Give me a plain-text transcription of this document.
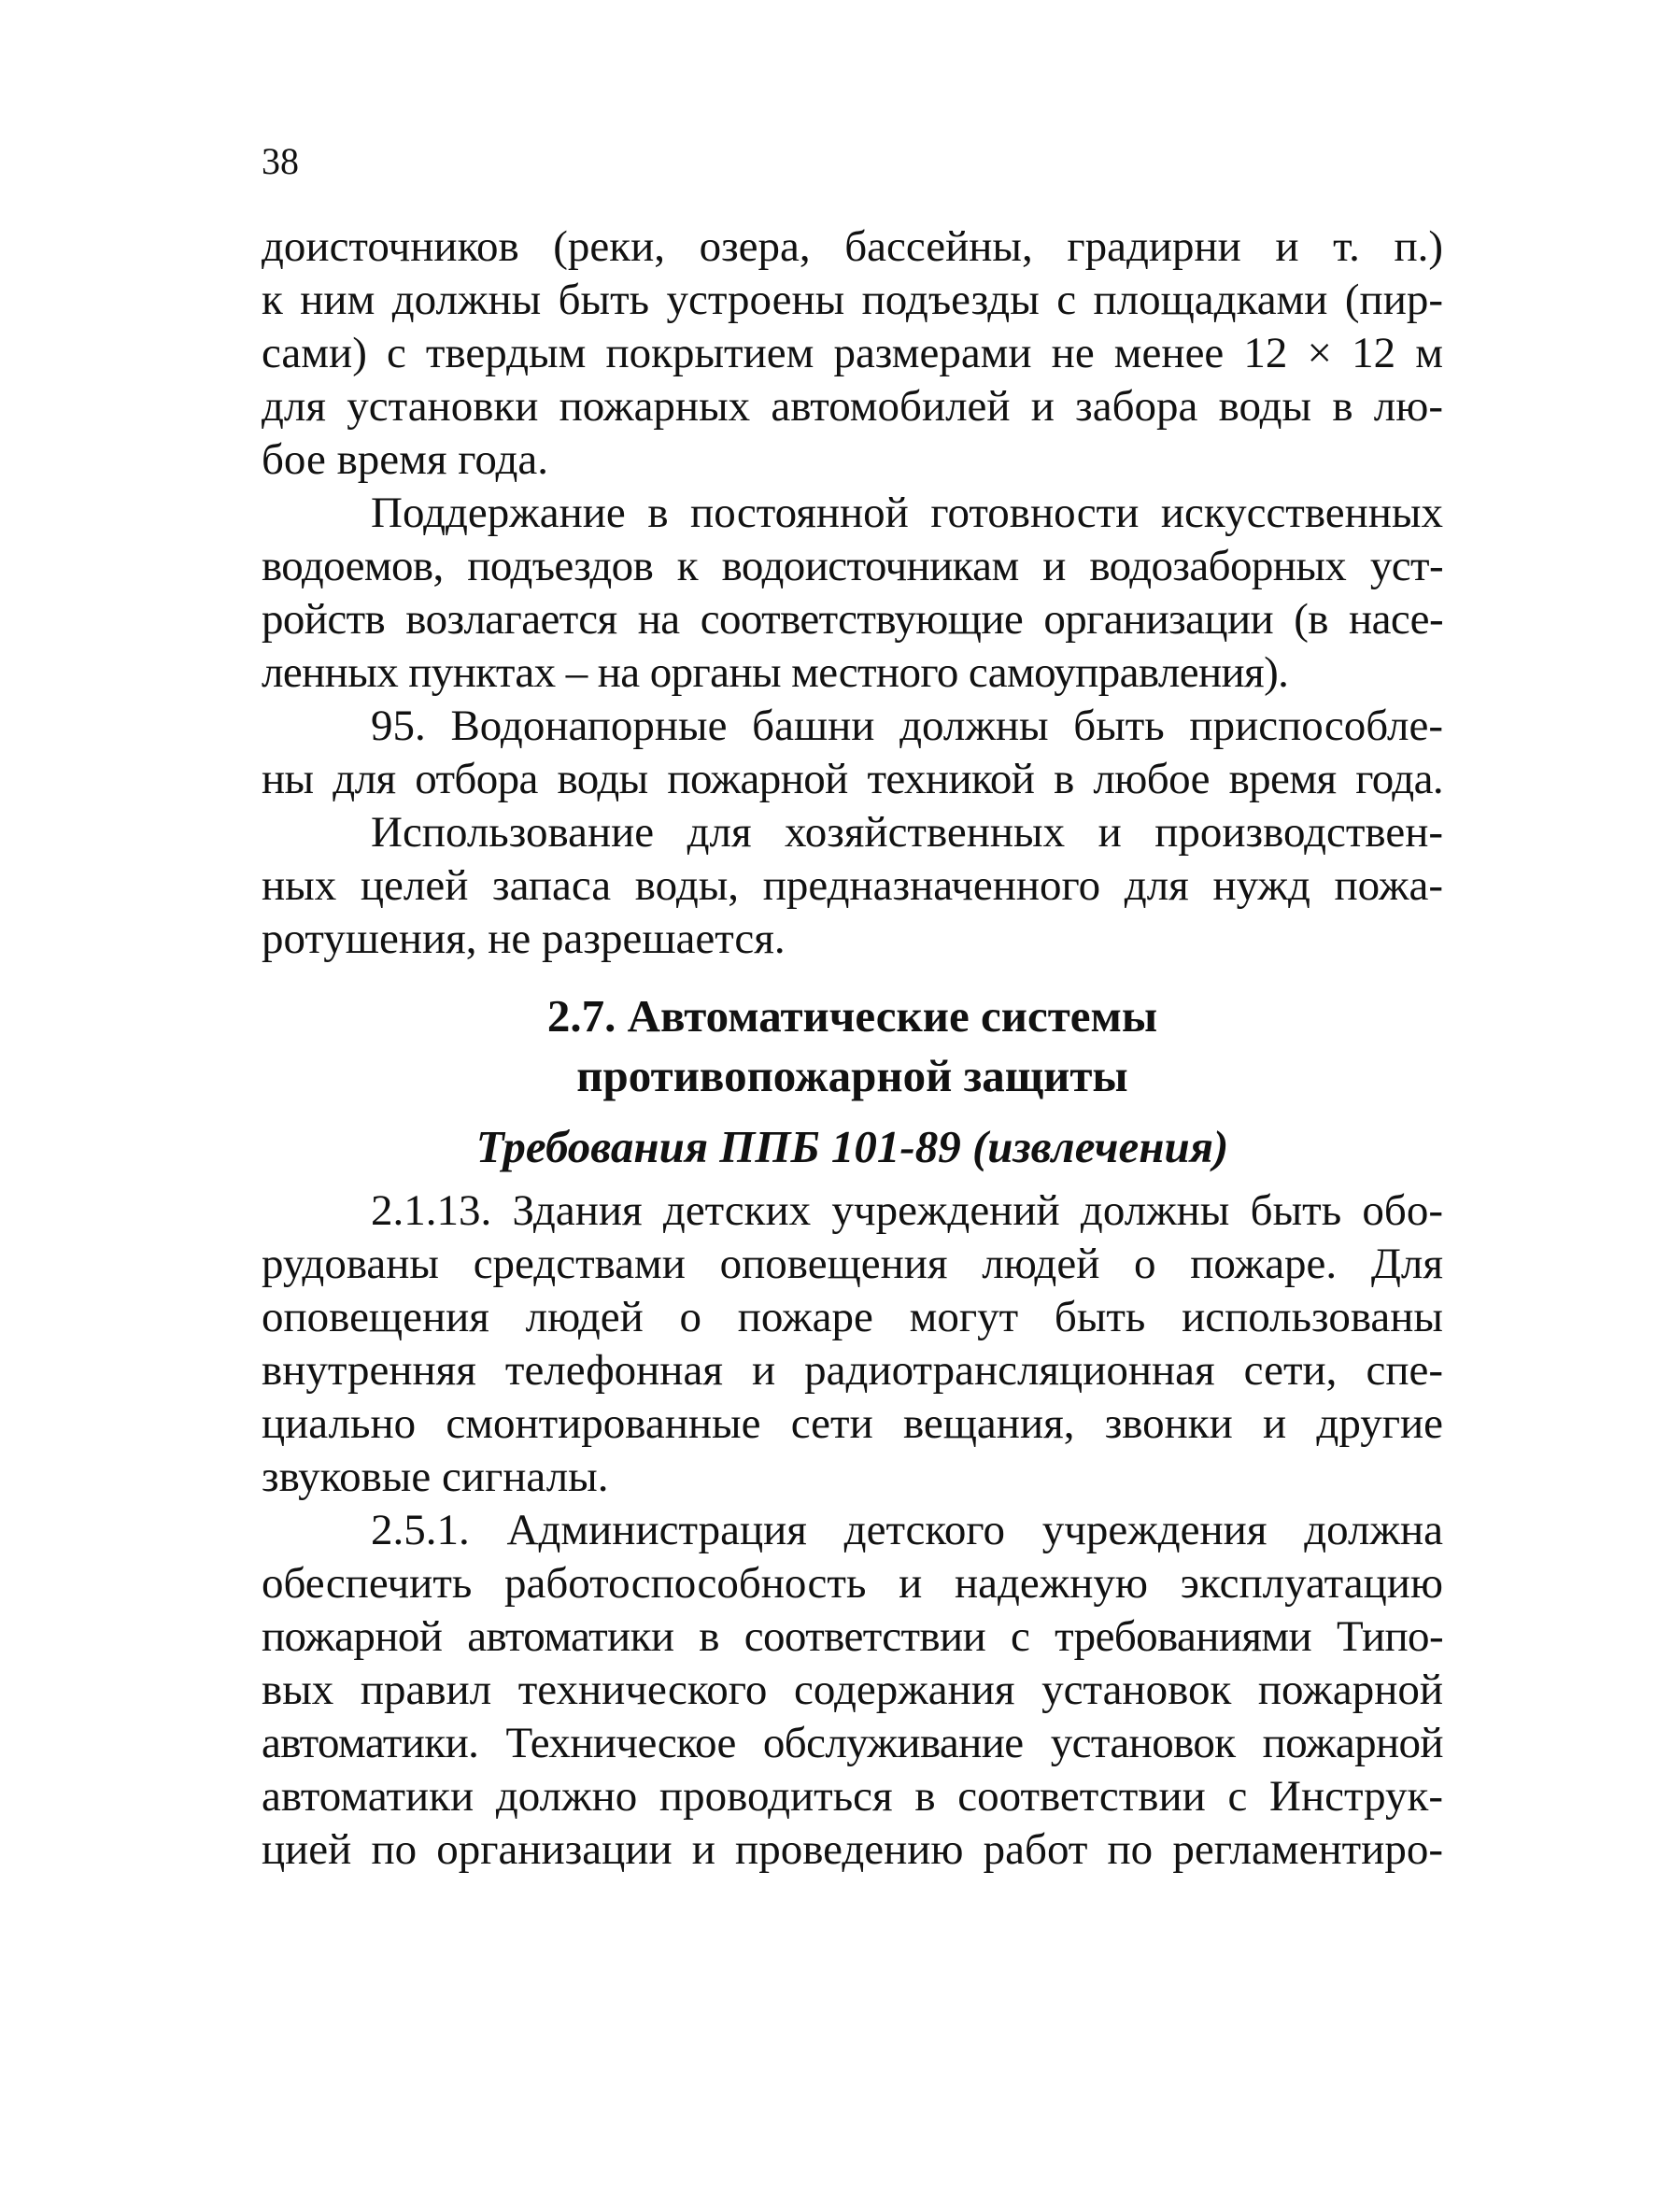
38
доисточников (реки, озера, бассейны, градирни и т. п.)
к ним должны быть устроены подъезды с площадками (пир-
сами) с твердым покрытием размерами не менее 12 × 12 м
для установки пожарных автомобилей и забора воды в лю-
бое время года.
Поддержание в постоянной готовности искусственных
водоемов, подъездов к водоисточникам и водозаборных уст-
ройств возлагается на соответствующие организации (в насе-
ленных пунктах – на органы местного самоуправления).
95. Водонапорные башни должны быть приспособле-
ны для отбора воды пожарной техникой в любое время года.
Использование для хозяйственных и производствен-
ных целей запаса воды, предназначенного для нужд пожа-
ротушения, не разрешается.
2.7. Автоматические системы
противопожарной защиты
Требования ППБ 101-89 (извлечения)
2.1.13. Здания детских учреждений должны быть обо-
рудованы средствами оповещения людей о пожаре. Для
оповещения людей о пожаре могут быть использованы
внутренняя телефонная и радиотрансляционная сети, спе-
циально смонтированные сети вещания, звонки и другие
звуковые сигналы.
2.5.1. Администрация детского учреждения должна
обеспечить работоспособность и надежную эксплуатацию
пожарной автоматики в соответствии с требованиями Типо-
вых правил технического содержания установок пожарной
автоматики. Техническое обслуживание установок пожарной
автоматики должно проводиться в соответствии с Инструк-
цией по организации и проведению работ по регламентиро-
